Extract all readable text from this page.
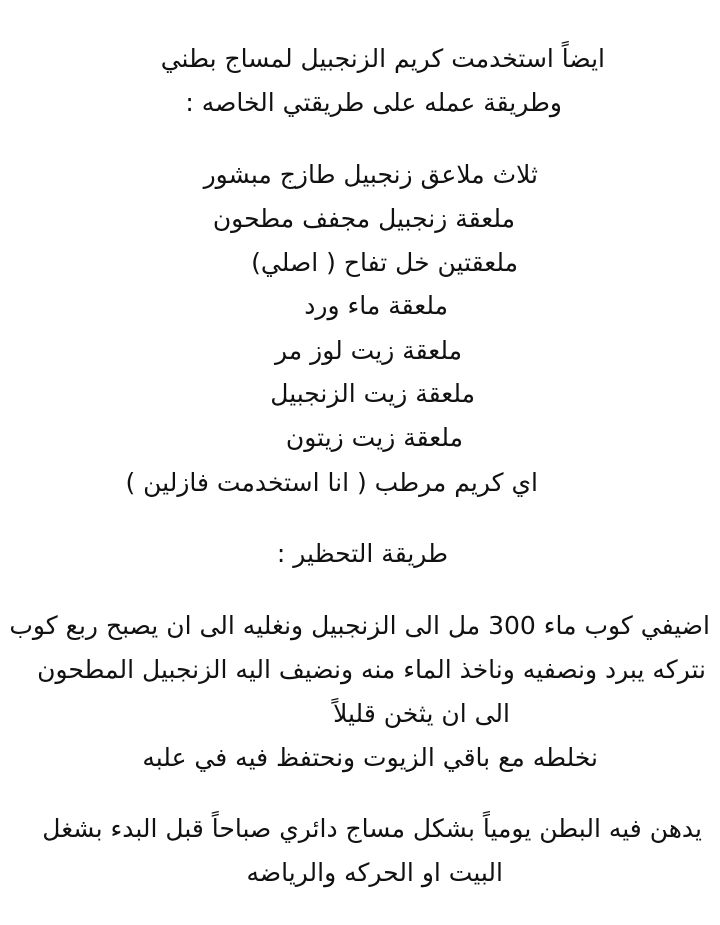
ايضاً استخدمت كريم الزنجبيل لمساج بطني

وطريقة عمله على طريقتي الخاصه :

ثلاث ملاعق زنجبيل طازج مبشور

ملعقة زنجبيل مجفف مطحون

ملعقتين خل تفاح ( اصلي)

ملعقة ماء ورد

ملعقة زيت لوز مر

ملعقة زيت الزنجبيل

ملعقة زيت زيتون

اي كريم مرطب ( انا استخدمت فازلين )

طريقة التحظير :

اضيفي كوب ماء 300 مل الى الزنجبيل ونغليه الى ان يصبح ربع كوب

نتركه يبرد ونصفيه وناخذ الماء منه ونضيف اليه الزنجبيل المطحون

الى ان يثخن قليلاً

نخلطه مع باقي الزيوت ونحتفظ فيه في علبه

يدهن فيه البطن يومياً بشكل مساج دائري صباحاً قبل البدء بشغل

البيت او الحركه والرياضه
